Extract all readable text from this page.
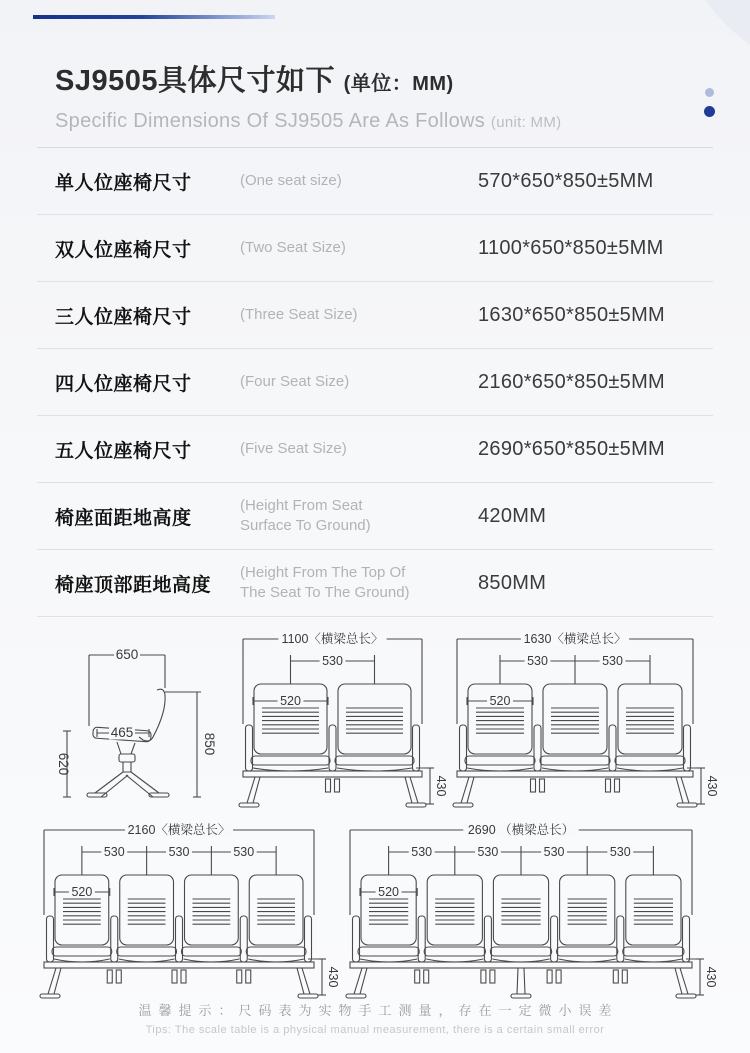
SJ9505具体尺寸如下 (单位：MM)
Specific Dimensions Of SJ9505 Are As Follows (unit: MM)
单人位座椅尺寸	(One seat size)	570*650*850±5MM
双人位座椅尺寸	(Two Seat Size)	1100*650*850±5MM
三人位座椅尺寸	(Three Seat Size)	1630*650*850±5MM
四人位座椅尺寸	(Four Seat Size)	2160*650*850±5MM
五人位座椅尺寸	(Five Seat Size)	2690*650*850±5MM
椅座面距地高度
(Height From Seat
Surface To Ground)	420MM
椅座顶部距地高度
(Height From The Top Of
The Seat To The Ground)	850MM
650
465
620
850
1100〈横梁总长〉
530
520
430
1630〈横梁总长〉
530	530
520
430
2160〈横梁总长〉
530	530	530
520
430
2690 （横梁总长）
530	530	530	530
520
430
温馨提示：尺码表为实物手工测量，存在一定微小误差
Tips: The scale table is a physical manual measurement, there is a certain small error
